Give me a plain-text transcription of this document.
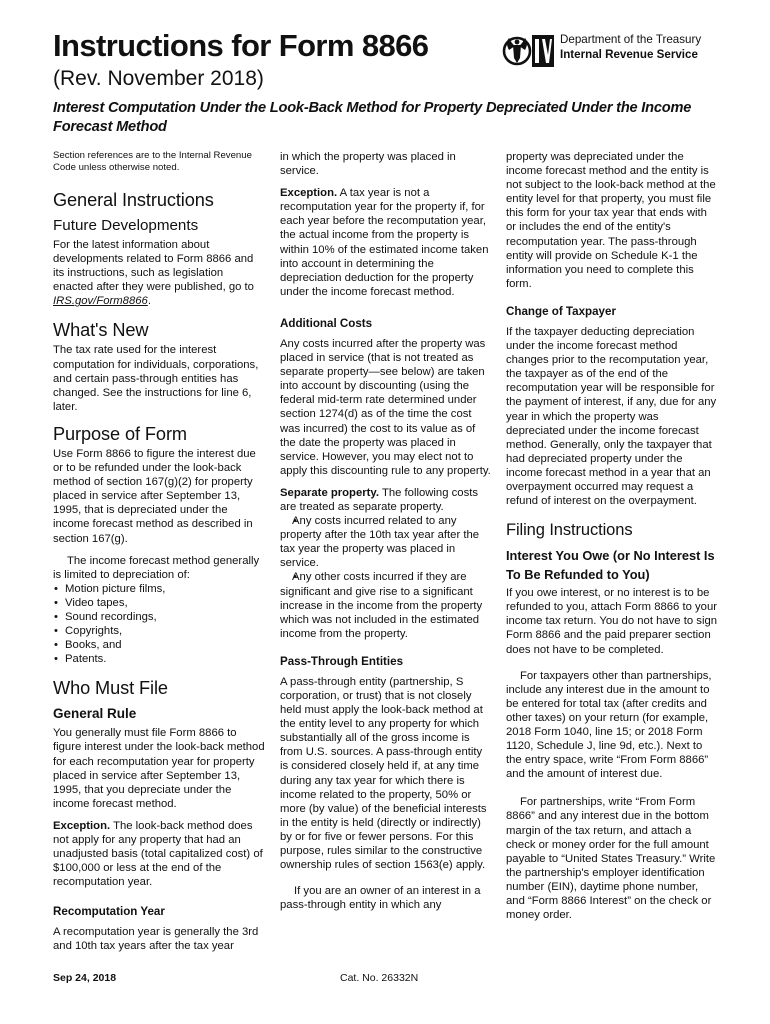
Instructions for Form 8866
(Rev. November 2018)
Interest Computation Under the Look-Back Method for Property Depreciated Under the Income Forecast Method
Department of the Treasury
Internal Revenue Service

Section references are to the Internal Revenue Code unless otherwise noted.

General Instructions
Future Developments

For the latest information about developments related to Form 8866 and its instructions, such as legislation enacted after they were published, go to IRS.gov/Form8866.

What's New

The tax rate used for the interest computation for individuals, corporations, and certain pass-through entities has changed. See the instructions for line 6, later.

Purpose of Form

Use Form 8866 to figure the interest due or to be refunded under the look-back method of section 167(g)(2) for property placed in service after September 13, 1995, that is depreciated under the income forecast method as described in section 167(g).

The income forecast method generally is limited to depreciation of:

• Motion picture films,
• Video tapes,
• Sound recordings,
• Copyrights,
• Books, and
• Patents.
Who Must File
General Rule

You generally must file Form 8866 to figure interest under the look-back method for each recomputation year for property placed in service after September 13, 1995, that you depreciate under the income forecast method.

Exception. The look-back method does not apply for any property that had an unadjusted basis (total capitalized cost) of $100,000 or less at the end of the recomputation year.

Recomputation Year

A recomputation year is generally the 3rd and 10th tax years after the tax year

in which the property was placed in service.

Exception. A tax year is not a recomputation year for the property if, for each year before the recomputation year, the actual income from the property is within 10% of the estimated income taken into account in determining the depreciation deduction for the property under the income forecast method.

Additional Costs

Any costs incurred after the property was placed in service (that is not treated as separate property—see below) are taken into account by discounting (using the federal mid-term rate determined under section 1274(d) as of the time the cost was incurred) the cost to its value as of the date the property was placed in service. However, you may elect not to apply this discounting rule to any property.

Separate property. The following costs are treated as separate property.

• Any costs incurred related to any property after the 10th tax year after the tax year the property was placed in service.
• Any other costs incurred if they are significant and give rise to a significant increase in the income from the property which was not included in the estimated income from the property.
Pass-Through Entities

A pass-through entity (partnership, S corporation, or trust) that is not closely held must apply the look-back method at the entity level to any property for which substantially all of the gross income is from U.S. sources. A pass-through entity is considered closely held if, at any time during any tax year for which there is income related to the property, 50% or more (by value) of the beneficial interests in the entity is held (directly or indirectly) by or for five or fewer persons. For this purpose, rules similar to the constructive ownership rules of section 1563(e) apply.

If you are an owner of an interest in a pass-through entity in which any

property was depreciated under the income forecast method and the entity is not subject to the look-back method at the entity level for that property, you must file this form for your tax year that ends with or includes the end of the entity's recomputation year. The pass-through entity will provide on Schedule K-1 the information you need to complete this form.

Change of Taxpayer

If the taxpayer deducting depreciation under the income forecast method changes prior to the recomputation year, the taxpayer as of the end of the recomputation year will be responsible for the payment of interest, if any, due for any year in which the property was depreciated under the income forecast method. Generally, only the taxpayer that had depreciated property under the income forecast method in a year that an overpayment occurred may request a refund of interest on the overpayment.

Filing Instructions
Interest You Owe (or No Interest Is To Be Refunded to You)

If you owe interest, or no interest is to be refunded to you, attach Form 8866 to your income tax return. You do not have to sign Form 8866 and the paid preparer section does not have to be completed.

For taxpayers other than partnerships, include any interest due in the amount to be entered for total tax (after credits and other taxes) on your return (for example, 2018 Form 1040, line 15; or 2018 Form 1120, Schedule J, line 9d, etc.). Next to the entry space, write “From Form 8866” and the amount of interest due.

For partnerships, write “From Form 8866” and any interest due in the bottom margin of the tax return, and attach a check or money order for the full amount payable to “United States Treasury.” Write the partnership's employer identification number (EIN), daytime phone number, and “Form 8866 Interest” on the check or money order.

Sep 24, 2018	Cat. No. 26332N
